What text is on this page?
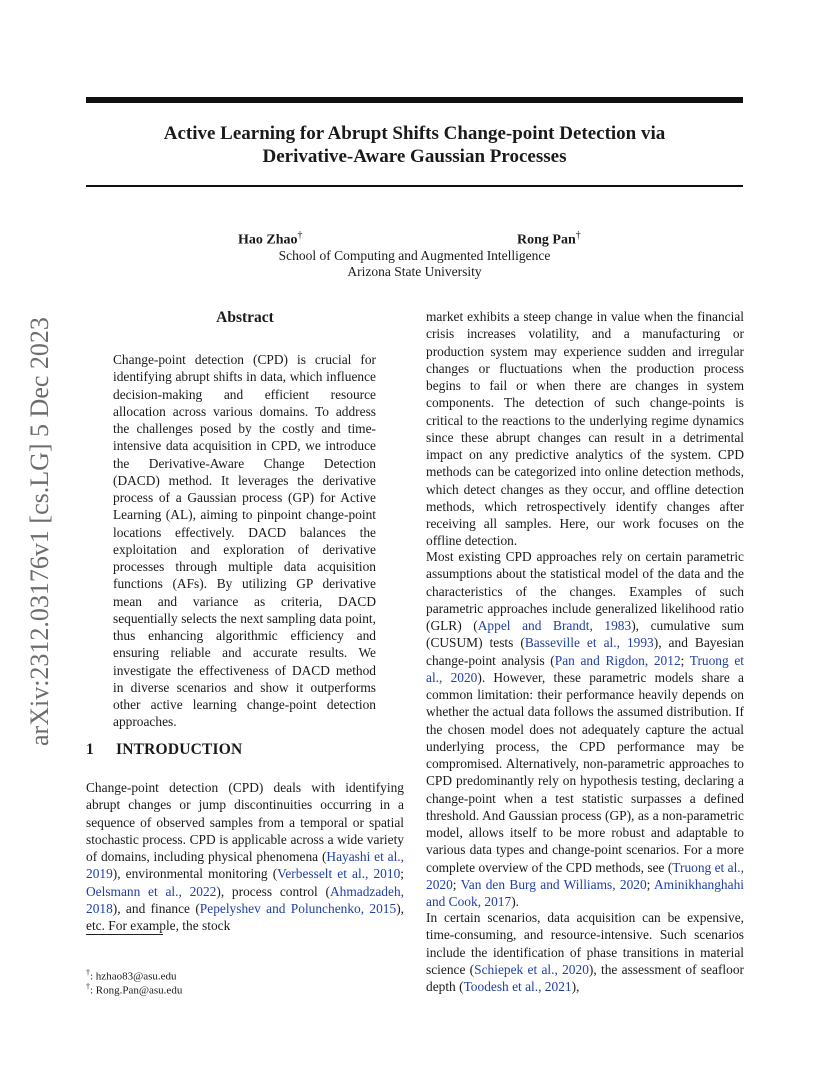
arXiv:2312.03176v1 [cs.LG] 5 Dec 2023
Active Learning for Abrupt Shifts Change-point Detection via
Derivative-Aware Gaussian Processes
Hao Zhao†	Rong Pan†
School of Computing and Augmented Intelligence
Arizona State University
Abstract

Change-point detection (CPD) is crucial for identifying abrupt shifts in data, which influence decision-making and efficient resource allocation across various domains. To address the challenges posed by the costly and time-intensive data acquisition in CPD, we introduce the Derivative-Aware Change Detection (DACD) method. It leverages the derivative process of a Gaussian process (GP) for Active Learning (AL), aiming to pinpoint change-point locations effectively. DACD balances the exploitation and exploration of derivative processes through multiple data acquisition functions (AFs). By utilizing GP derivative mean and variance as criteria, DACD sequentially selects the next sampling data point, thus enhancing algorithmic efficiency and ensuring reliable and accurate results. We investigate the effectiveness of DACD method in diverse scenarios and show it outperforms other active learning change-point detection approaches.

1 INTRODUCTION

Change-point detection (CPD) deals with identifying abrupt changes or jump discontinuities occurring in a sequence of observed samples from a temporal or spatial stochastic process. CPD is applicable across a wide variety of domains, including physical phenomena (Hayashi et al., 2019), environmental monitoring (Verbesselt et al., 2010; Oelsmann et al., 2022), process control (Ahmadzadeh, 2018), and finance (Pepelyshev and Polunchenko, 2015), etc. For example, the stock

†: hzhao83@asu.edu
†: Rong.Pan@asu.edu

market exhibits a steep change in value when the financial crisis increases volatility, and a manufacturing or production system may experience sudden and irregular changes or fluctuations when the production process begins to fail or when there are changes in system components. The detection of such change-points is critical to the reactions to the underlying regime dynamics since these abrupt changes can result in a detrimental impact on any predictive analytics of the system. CPD methods can be categorized into online detection methods, which detect changes as they occur, and offline detection methods, which retrospectively identify changes after receiving all samples. Here, our work focuses on the offline detection.

Most existing CPD approaches rely on certain parametric assumptions about the statistical model of the data and the characteristics of the changes. Examples of such parametric approaches include generalized likelihood ratio (GLR) (Appel and Brandt, 1983), cumulative sum (CUSUM) tests (Basseville et al., 1993), and Bayesian change-point analysis (Pan and Rigdon, 2012; Truong et al., 2020). However, these parametric models share a common limitation: their performance heavily depends on whether the actual data follows the assumed distribution. If the chosen model does not adequately capture the actual underlying process, the CPD performance may be compromised. Alternatively, non-parametric approaches to CPD predominantly rely on hypothesis testing, declaring a change-point when a test statistic surpasses a defined threshold. And Gaussian process (GP), as a non-parametric model, allows itself to be more robust and adaptable to various data types and change-point scenarios. For a more complete overview of the CPD methods, see (Truong et al., 2020; Van den Burg and Williams, 2020; Aminikhanghahi and Cook, 2017).

In certain scenarios, data acquisition can be expensive, time-consuming, and resource-intensive. Such scenarios include the identification of phase transitions in material science (Schiepek et al., 2020), the assessment of seafloor depth (Toodesh et al., 2021),
